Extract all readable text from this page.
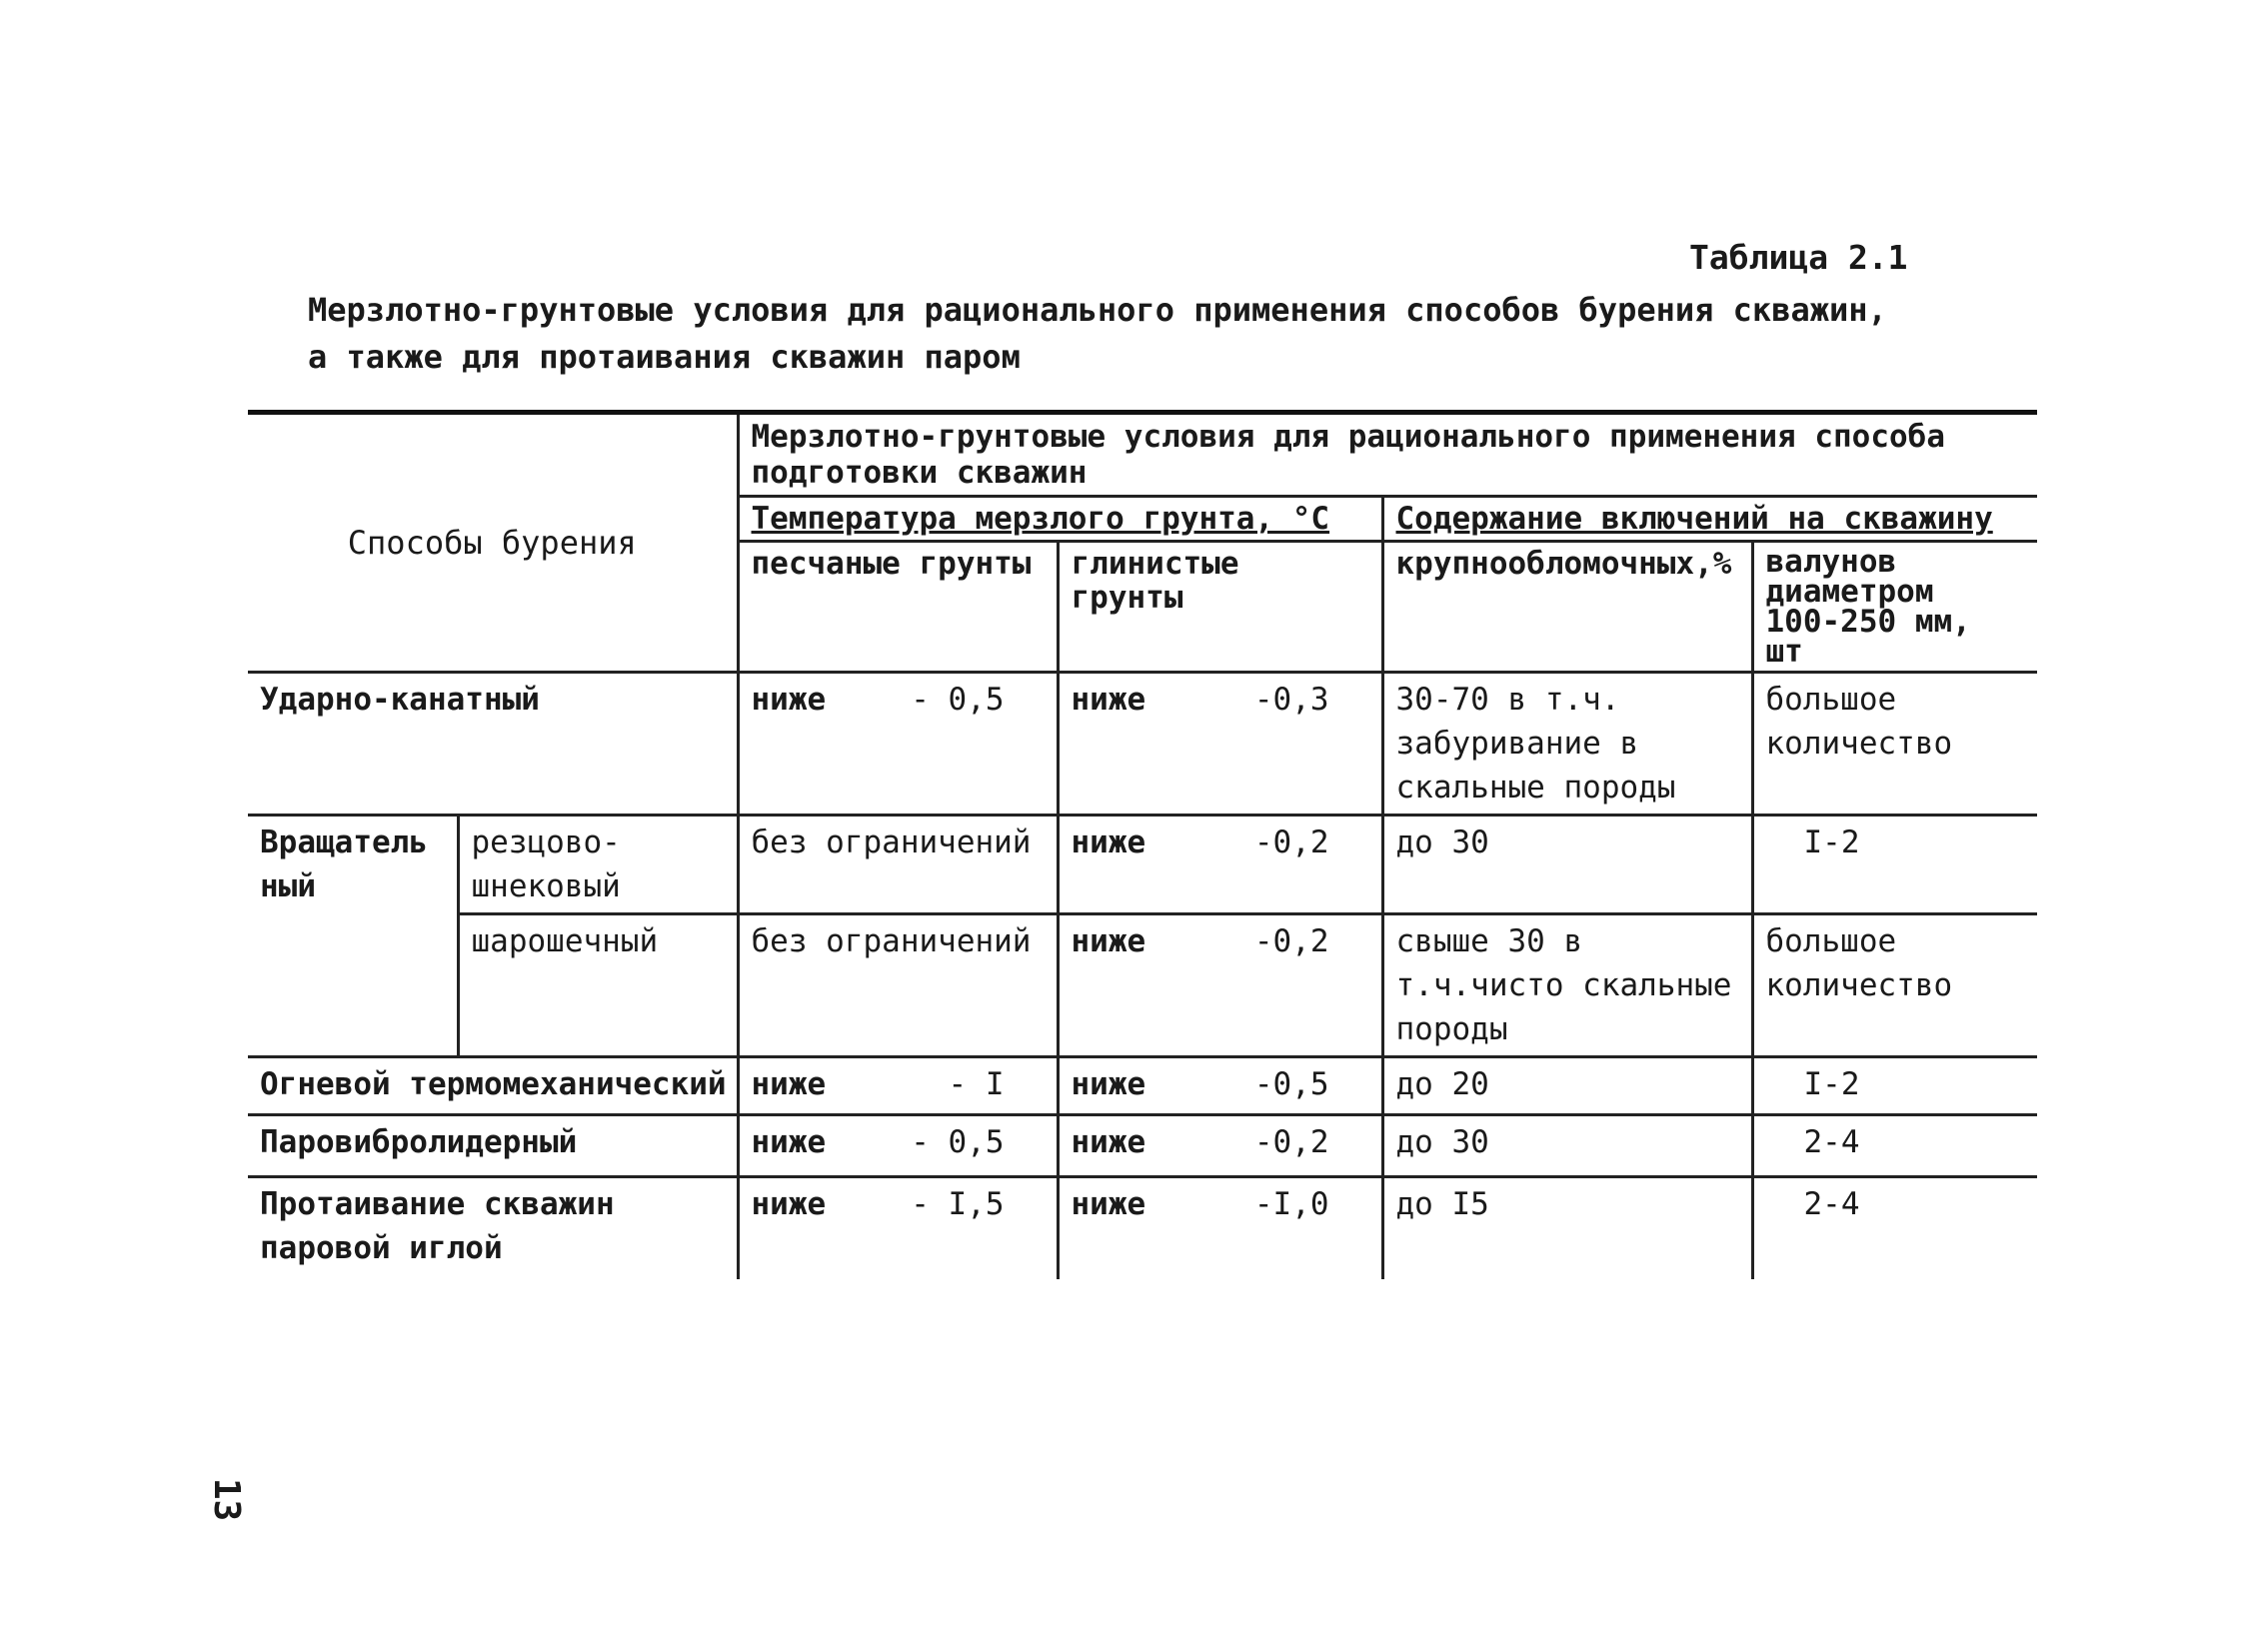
Таблица 2.1
Мерзлотно-грунтовые условия для рационального применения способов бурения скважин,
а также для протаивания скважин паром
Способы бурения		Мерзлотно-грунтовые условия для рационального применения способа подготовки скважин			
		Температура мерзлого грунта, °C		Содержание включений на скважину	
		песчаные грунты	глинистые грунты	крупнообломочных,%	валунов диаметром 100-250 мм, шт
Ударно-канатный		ниже - 0,5	ниже -0,3	30-70 в т.ч. забуривание в скальные породы	большое количество
Вращательный	резцово-шнековый	без ограничений	ниже -0,2	до 30	I-2
	шарошечный	без ограничений	ниже -0,2	свыше 30 в т.ч.чисто скальные породы	большое количество
Огневой термомеханический		ниже - I	ниже -0,5	до 20	I-2
Паровибролидерный		ниже - 0,5	ниже -0,2	до 30	2-4
Протаивание скважин паровой иглой		ниже - I,5	ниже -I,0	до I5	2-4
13
